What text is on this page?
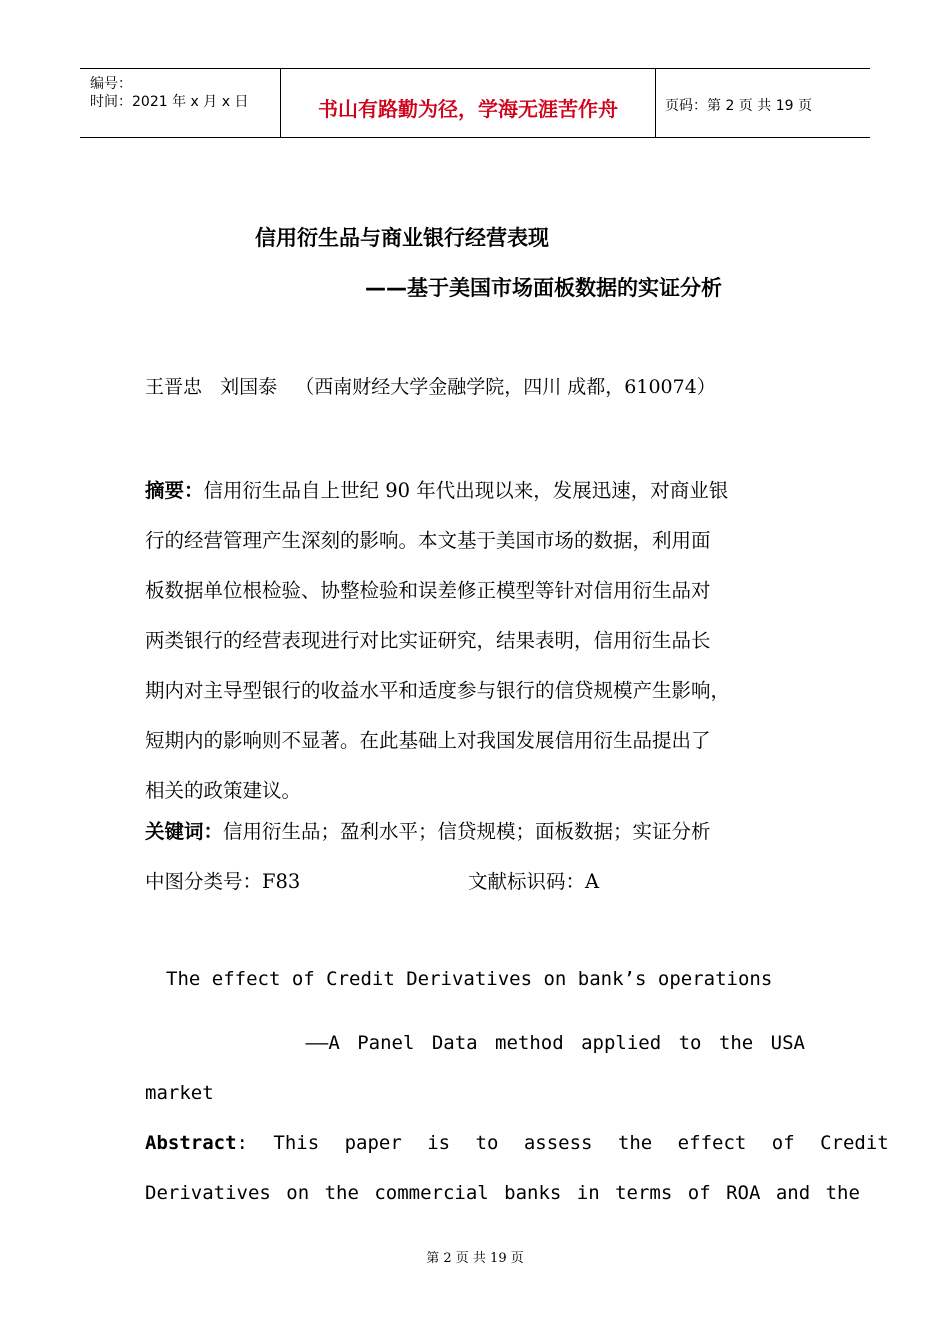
编号：
时间：2021 年 x 月 x 日	书山有路勤为径，学海无涯苦作舟	页码：第 2 页 共 19 页
信用衍生品与商业银行经营表现
——基于美国市场面板数据的实证分析
王晋忠   刘国泰   （西南财经大学金融学院，四川 成都，610074）
摘要：信用衍生品自上世纪 90 年代出现以来，发展迅速，对商业银
行的经营管理产生深刻的影响。本文基于美国市场的数据，利用面
板数据单位根检验、协整检验和误差修正模型等针对信用衍生品对
两类银行的经营表现进行对比实证研究，结果表明，信用衍生品长
期内对主导型银行的收益水平和适度参与银行的信贷规模产生影响，
短期内的影响则不显著。在此基础上对我国发展信用衍生品提出了
相关的政策建议。
关键词：信用衍生品；盈利水平；信贷规模；面板数据；实证分析
中图分类号：F83	文献标识码：A
The effect of Credit Derivatives on bank’s operations
——A Panel Data method applied to the USA
market
Abstract: This paper is to assess the effect of Credit
Derivatives on the commercial banks in terms of ROA and the
第 2 页 共 19 页
